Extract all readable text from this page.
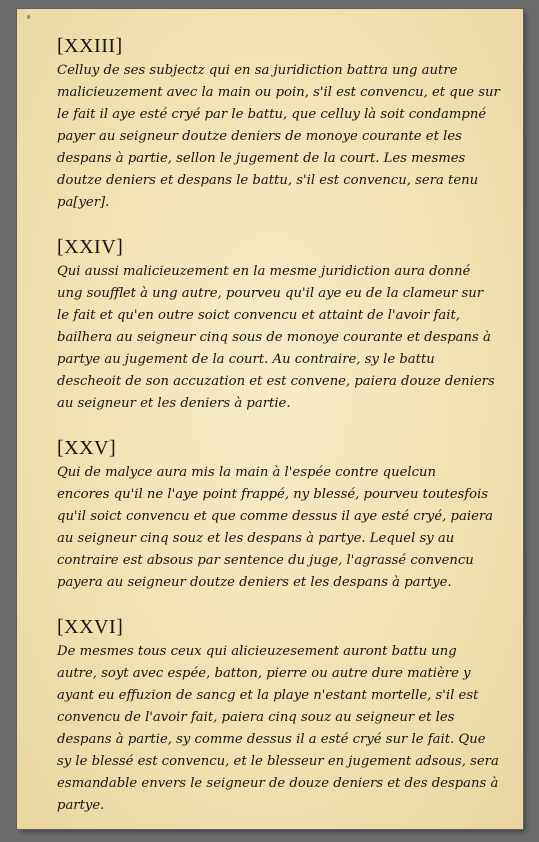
[XXIII]
Celluy de ses subjectz qui en sa juridiction battra ung autre
malicieuzement avec la main ou poin, s'il est convencu, et que sur
le fait il aye esté cryé par le battu, que celluy là soit condampné
payer au seigneur doutze deniers de monoye courante et les
despans à partie, sellon le jugement de la court. Les mesmes
doutze deniers et despans le battu, s'il est convencu, sera tenu
pa[yer].
[XXIV]
Qui aussi malicieuzement en la mesme juridiction aura donné
ung soufflet à ung autre, pourveu qu'il aye eu de la clameur sur
le fait et qu'en outre soict convencu et attaint de l'avoir fait,
bailhera au seigneur cinq sous de monoye courante et despans à
partye au jugement de la court. Au contraire, sy le battu
descheoit de son accuzation et est convene, paiera douze deniers
au seigneur et les deniers à partie.
[XXV]
Qui de malyce aura mis la main à l'espée contre quelcun
encores qu'il ne l'aye point frappé, ny blessé, pourveu toutesfois
qu'il soict convencu et que comme dessus il aye esté cryé, paiera
au seigneur cinq souz et les despans à partye. Lequel sy au
contraire est absous par sentence du juge, l'agrassé convencu
payera au seigneur doutze deniers et les despans à partye.
[XXVI]
De mesmes tous ceux qui alicieuzesement auront battu ung
autre, soyt avec espée, batton, pierre ou autre dure matière y
ayant eu effuzion de sancg et la playe n'estant mortelle, s'il est
convencu de l'avoir fait, paiera cinq souz au seigneur et les
despans à partie, sy comme dessus il a esté cryé sur le fait. Que
sy le blessé est convencu, et le blesseur en jugement adsous, sera
esmandable envers le seigneur de douze deniers et des despans à
partye.
